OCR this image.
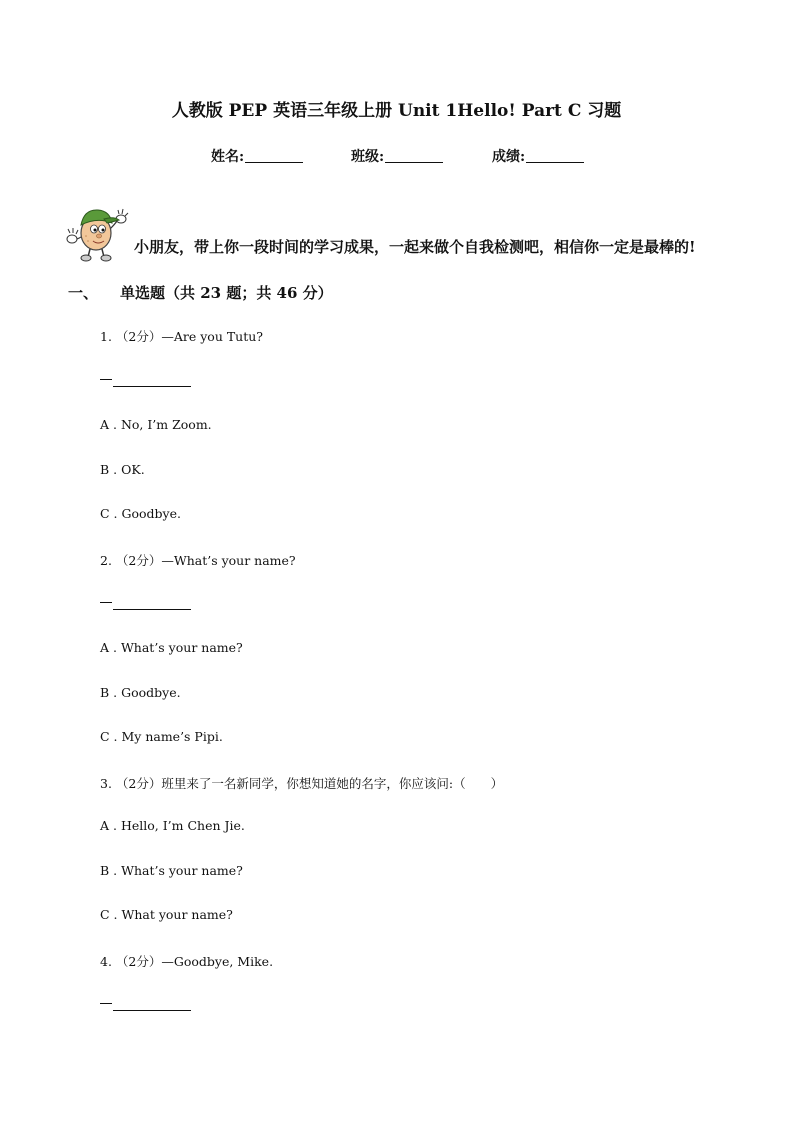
人教版 PEP 英语三年级上册 Unit 1Hello! Part C 习题
姓名:	班级:	成绩:
小朋友，带上你一段时间的学习成果，一起来做个自我检测吧，相信你一定是最棒的!
一、 单选题（共 23 题；共 46 分）
1. （2分）—Are you Tutu?
A . No, I’m Zoom.
B . OK.
C . Goodbye.
2. （2分）—What’s your name?
A . What’s your name?
B . Goodbye.
C . My name’s Pipi.
3. （2分）班里来了一名新同学，你想知道她的名字，你应该问:（　　）
A . Hello, I’m Chen Jie.
B . What’s your name?
C . What your name?
4. （2分）—Goodbye, Mike.
